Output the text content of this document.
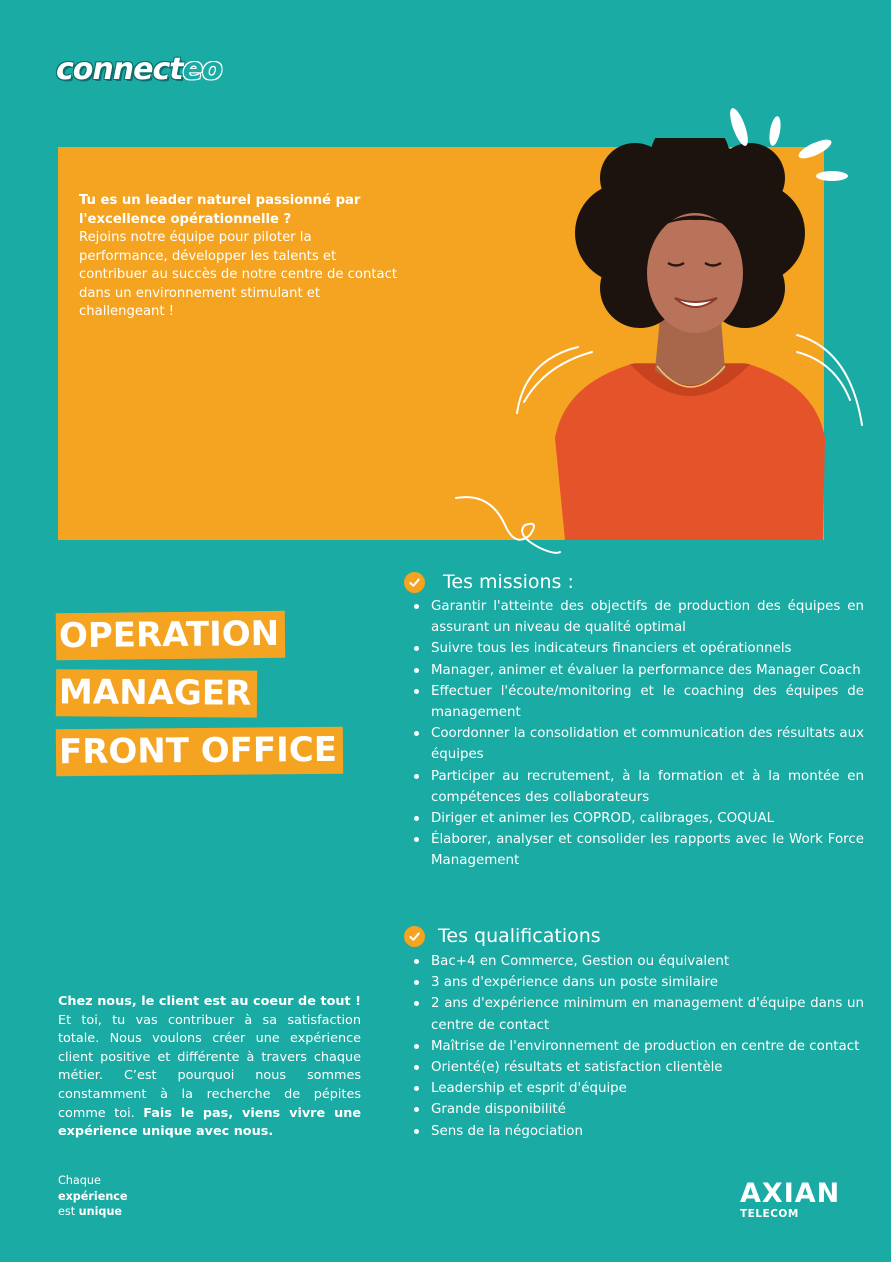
connecteo
Tu es un leader naturel passionné par l'excellence opérationnelle ?
Rejoins notre équipe pour piloter la performance, développer les talents et contribuer au succès de notre centre de contact dans un environnement stimulant et challengeant !
OPERATION
MANAGER
FRONT OFFICE
Tes missions :
Garantir l'atteinte des objectifs de production des équipes en assurant un niveau de qualité optimal
Suivre tous les indicateurs financiers et opérationnels
Manager, animer et évaluer la performance des Manager Coach
Effectuer l'écoute/monitoring et le coaching des équipes de management
Coordonner la consolidation et communication des résultats aux équipes
Participer au recrutement, à la formation et à la montée en compétences des collaborateurs
Diriger et animer les COPROD, calibrages, COQUAL
Élaborer, analyser et consolider les rapports avec le Work Force Management
Tes qualifications
Bac+4 en Commerce, Gestion ou équivalent
3 ans d'expérience dans un poste similaire
2 ans d'expérience minimum en management d'équipe dans un centre de contact
Maîtrise de l'environnement de production en centre de contact
Orienté(e) résultats et satisfaction clientèle
Leadership et esprit d'équipe
Grande disponibilité
Sens de la négociation
Chez nous, le client est au coeur de tout ! Et toi, tu vas contribuer à sa satisfaction totale. Nous voulons créer une expérience client positive et différente à travers chaque métier. C’est pourquoi nous sommes constamment à la recherche de pépites comme toi. Fais le pas, viens vivre une expérience unique avec nous.
Chaque
expérience
est unique
AXIAN
TELECOM
